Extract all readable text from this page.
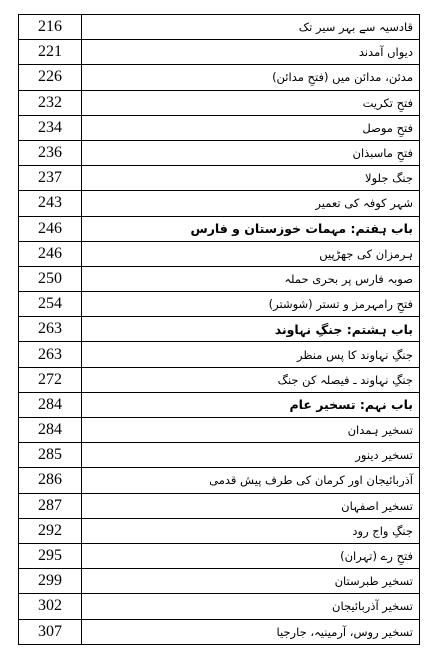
216	قادسیہ سے بہر سیر تک
221	دیواں آمدند
226	مدئن، مدائن میں (فتحِ مدائن)
232	فتحِ تکریت
234	فتحِ موصل
236	فتحِ ماسبذان
237	جنگ جلولا
243	شہر کوفہ کی تعمیر
246	باب ہفتم: مہمات خوزستان و فارس
246	ہرمزان کی جھڑپیں
250	صوبہ فارس پر بحری حملہ
254	فتحِ رامہرمز و تستر (شوشتر)
263	باب ہشتم: جنگِ نہاوند
263	جنگِ نہاوند کا پس منظر
272	جنگِ نہاوند ـ فیصلہ کن جنگ
284	باب نہم: تسخیر عام
284	تسخیر ہمدان
285	تسخیر دینور
286	آذربائیجان اور کرمان کی طرف پیش قدمی
287	تسخیر اصفہان
292	جنگِ واج رود
295	فتحِ رے (تہران)
299	تسخیر طبرستان
302	تسخیر آذربائیجان
307	تسخیر روس، آرمینیہ، جارجیا
